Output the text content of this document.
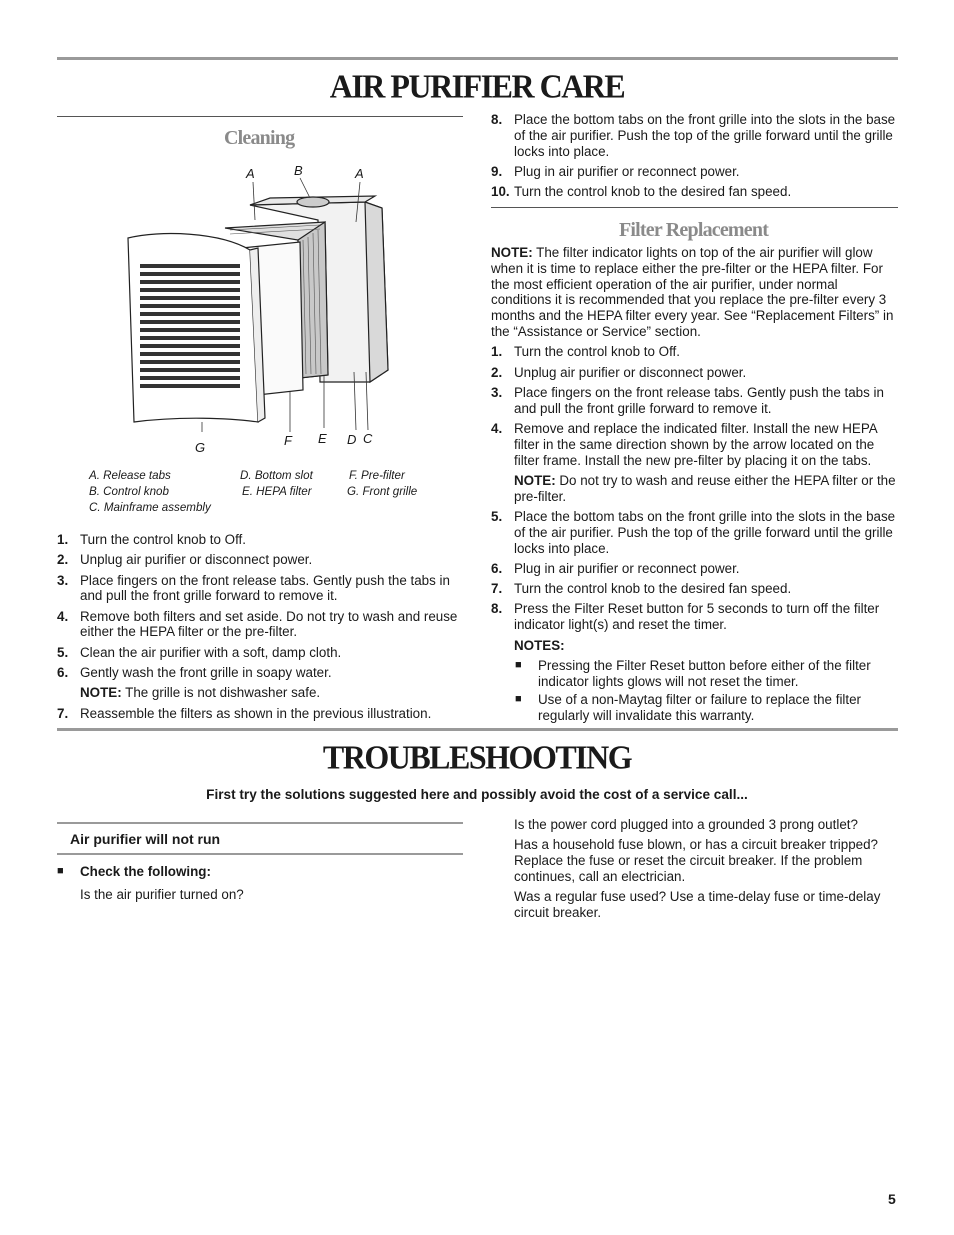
AIR PURIFIER CARE
Cleaning
A	B	A
G	F E D C
A. Release tabs	D. Bottom slot	F. Pre-filter
B. Control knob	E. HEPA filter	G. Front grille
C. Mainframe assembly
1. Turn the control knob to Off.
2. Unplug air purifier or disconnect power.
3. Place fingers on the front release tabs. Gently push the tabs in and pull the front grille forward to remove it.
4. Remove both filters and set aside. Do not try to wash and reuse either the HEPA filter or the pre-filter.
5. Clean the air purifier with a soft, damp cloth.
6. Gently wash the front grille in soapy water.
NOTE: The grille is not dishwasher safe.
7. Reassemble the filters as shown in the previous illustration.
8. Place the bottom tabs on the front grille into the slots in the base of the air purifier. Push the top of the grille forward until the grille locks into place.
9. Plug in air purifier or reconnect power.
10. Turn the control knob to the desired fan speed.
Filter Replacement
NOTE: The filter indicator lights on top of the air purifier will glow when it is time to replace either the pre-filter or the HEPA filter. For the most efficient operation of the air purifier, under normal conditions it is recommended that you replace the pre-filter every 3 months and the HEPA filter every year. See “Replacement Filters” in the “Assistance or Service” section.
1. Turn the control knob to Off.
2. Unplug air purifier or disconnect power.
3. Place fingers on the front release tabs. Gently push the tabs in and pull the front grille forward to remove it.
4. Remove and replace the indicated filter. Install the new HEPA filter in the same direction shown by the arrow located on the filter frame. Install the new pre-filter by placing it on the tabs.
NOTE: Do not try to wash and reuse either the HEPA filter or the pre-filter.
5. Place the bottom tabs on the front grille into the slots in the base of the air purifier. Push the top of the grille forward until the grille locks into place.
6. Plug in air purifier or reconnect power.
7. Turn the control knob to the desired fan speed.
8. Press the Filter Reset button for 5 seconds to turn off the filter indicator light(s) and reset the timer.
NOTES:
■ Pressing the Filter Reset button before either of the filter indicator lights glows will not reset the timer.
■ Use of a non-Maytag filter or failure to replace the filter regularly will invalidate this warranty.
TROUBLESHOOTING
First try the solutions suggested here and possibly avoid the cost of a service call...
Air purifier will not run
■ Check the following:
Is the air purifier turned on?
Is the power cord plugged into a grounded 3 prong outlet?
Has a household fuse blown, or has a circuit breaker tripped? Replace the fuse or reset the circuit breaker. If the problem continues, call an electrician.
Was a regular fuse used? Use a time-delay fuse or time-delay circuit breaker.
5
